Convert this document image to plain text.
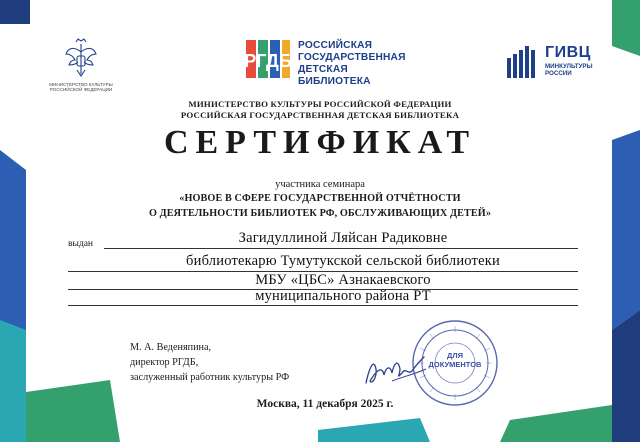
МИНИСТЕРСТВО КУЛЬТУРЫ РОССИЙСКОЙ ФЕДЕРАЦИИ
РГДБ
РОССИЙСКАЯ
ГОСУДАРСТВЕННАЯ
ДЕТСКАЯ БИБЛИОТЕКА
ГИВЦ
МИНКУЛЬТУРЫ
РОССИИ
МИНИСТЕРСТВО КУЛЬТУРЫ РОССИЙСКОЙ ФЕДЕРАЦИИ
РОССИЙСКАЯ ГОСУДАРСТВЕННАЯ ДЕТСКАЯ БИБЛИОТЕКА
СЕРТИФИКАТ
участника семинара
«НОВОЕ В СФЕРЕ ГОСУДАРСТВЕННОЙ ОТЧЁТНОСТИ
О ДЕЯТЕЛЬНОСТИ БИБЛИОТЕК РФ, ОБСЛУЖИВАЮЩИХ ДЕТЕЙ»
выдан	Загидуллиной Ляйсан Радиковне
библиотекарю Тумутукской сельской библиотеки
МБУ «ЦБС» Азнакаевского
муниципального района РТ
М. А. Веденяпина,
директор РГДБ,
заслуженный работник культуры РФ
ДЛЯ
ДОКУМЕНТОВ
Москва, 11 декабря 2025 г.
